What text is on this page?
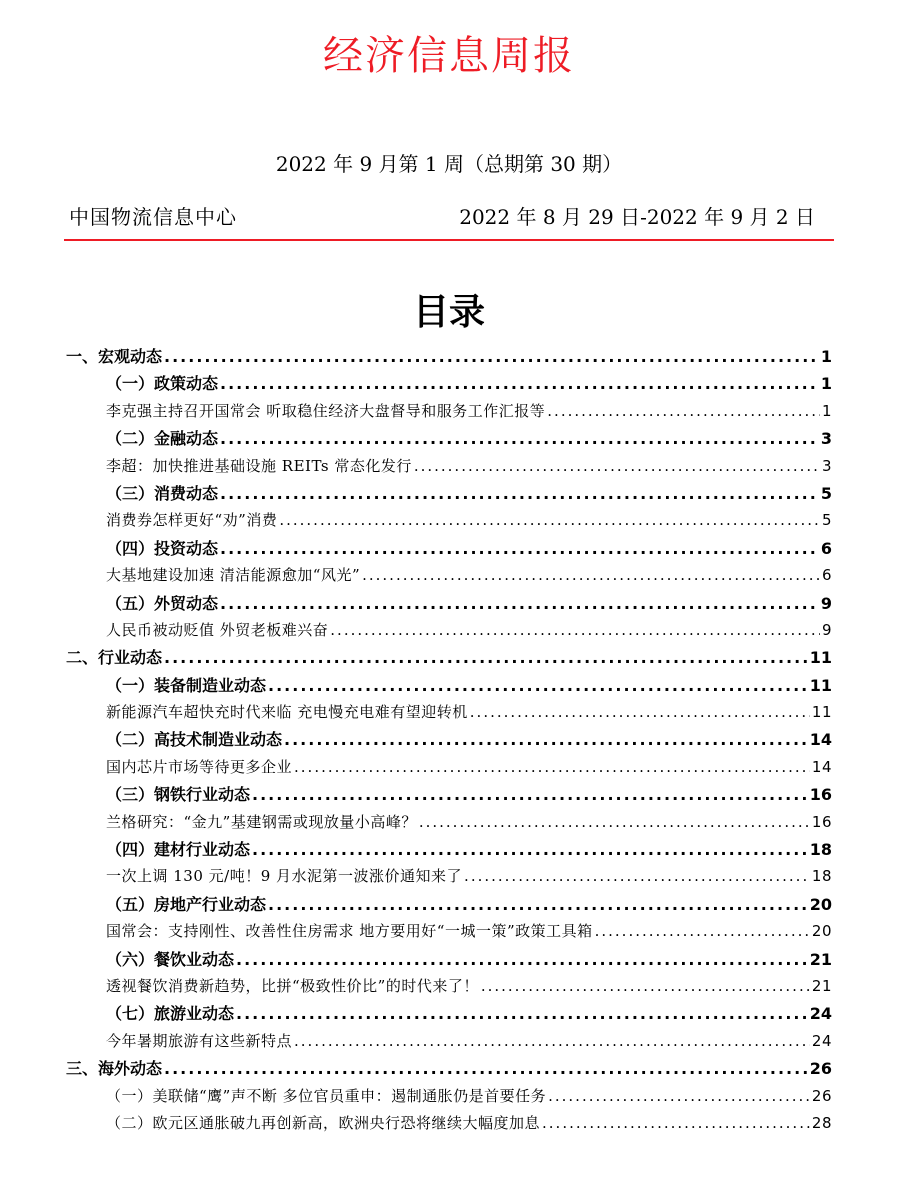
经济信息周报
2022 年 9 月第 1 周（总期第 30 期）
中国物流信息中心	2022 年 8 月 29 日-2022 年 9 月 2 日
目录
一、宏观动态 .....	1
（一）政策动态 .....	1
李克强主持召开国常会 听取稳住经济大盘督导和服务工作汇报等 .....	1
（二）金融动态 .....	3
李超：加快推进基础设施 REITs 常态化发行 .....	3
（三）消费动态 .....	5
消费券怎样更好“劝”消费 .....	5
（四）投资动态 .....	6
大基地建设加速 清洁能源愈加“风光” .....	6
（五）外贸动态 .....	9
人民币被动贬值 外贸老板难兴奋 .....	9
二、行业动态 .....	11
（一）装备制造业动态 .....	11
新能源汽车超快充时代来临 充电慢充电难有望迎转机 .....	11
（二）高技术制造业动态 .....	14
国内芯片市场等待更多企业 .....	14
（三）钢铁行业动态 .....	16
兰格研究：“金九”基建钢需或现放量小高峰？ .....	16
（四）建材行业动态 .....	18
一次上调 130 元/吨！9 月水泥第一波涨价通知来了 .....	18
（五）房地产行业动态 .....	20
国常会：支持刚性、改善性住房需求 地方要用好“一城一策”政策工具箱 .....	20
（六）餐饮业动态 .....	21
透视餐饮消费新趋势，比拼“极致性价比”的时代来了！ .....	21
（七）旅游业动态 .....	24
今年暑期旅游有这些新特点 .....	24
三、海外动态 .....	26
（一）美联储“鹰”声不断 多位官员重申：遏制通胀仍是首要任务 .....	26
（二）欧元区通胀破九再创新高，欧洲央行恐将继续大幅度加息 .....	28
